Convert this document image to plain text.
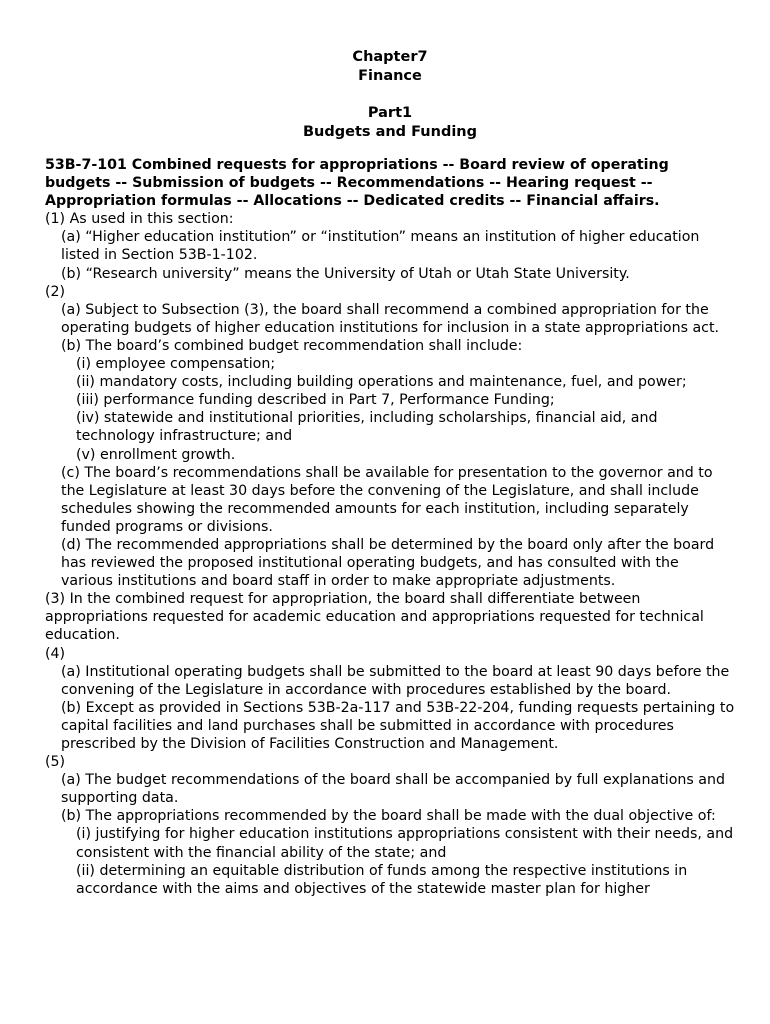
Chapter7

Finance

Part1

Budgets and Funding

53B-7-101 Combined requests for appropriations -- Board review of operating budgets -- Submission of budgets -- Recommendations -- Hearing request -- Appropriation formulas -- Allocations -- Dedicated credits -- Financial affairs.

(1) As used in this section:

(a) “Higher education institution” or “institution” means an institution of higher education listed in Section 53B-1-102.

(b) “Research university” means the University of Utah or Utah State University.

(2)

(a) Subject to Subsection (3), the board shall recommend a combined appropriation for the operating budgets of higher education institutions for inclusion in a state appropriations act.

(b) The board’s combined budget recommendation shall include:

(i) employee compensation;

(ii) mandatory costs, including building operations and maintenance, fuel, and power;

(iii) performance funding described in Part 7, Performance Funding;

(iv) statewide and institutional priorities, including scholarships, financial aid, and technology infrastructure; and

(v) enrollment growth.

(c) The board’s recommendations shall be available for presentation to the governor and to the Legislature at least 30 days before the convening of the Legislature, and shall include schedules showing the recommended amounts for each institution, including separately funded programs or divisions.

(d) The recommended appropriations shall be determined by the board only after the board has reviewed the proposed institutional operating budgets, and has consulted with the various institutions and board staff in order to make appropriate adjustments.

(3) In the combined request for appropriation, the board shall differentiate between appropriations requested for academic education and appropriations requested for technical education.

(4)

(a) Institutional operating budgets shall be submitted to the board at least 90 days before the convening of the Legislature in accordance with procedures established by the board.

(b) Except as provided in Sections 53B-2a-117 and 53B-22-204, funding requests pertaining to capital facilities and land purchases shall be submitted in accordance with procedures prescribed by the Division of Facilities Construction and Management.

(5)

(a) The budget recommendations of the board shall be accompanied by full explanations and supporting data.

(b) The appropriations recommended by the board shall be made with the dual objective of:

(i) justifying for higher education institutions appropriations consistent with their needs, and consistent with the financial ability of the state; and

(ii) determining an equitable distribution of funds among the respective institutions in accordance with the aims and objectives of the statewide master plan for higher
